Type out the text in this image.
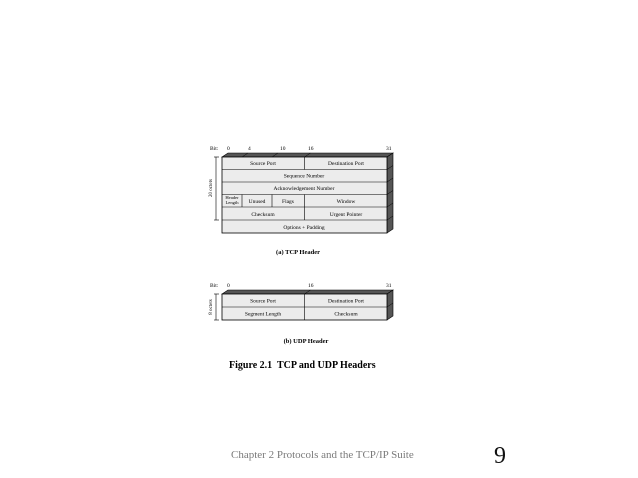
Bit: 0	4	10	16	31
Source Port	Destination Port
Sequence Number
Acknowledgement Number
Header Length	Unused	Flags	Window
Checksum	Urgent Pointer
Options + Padding
20 octets
(a) TCP Header
Bit: 0	16	31
Source Port	Destination Port
Segment Length	Checksum
8 octets
(b) UDP Header
Figure 2.1  TCP and UDP Headers
Chapter 2 Protocols and the TCP/IP Suite	9
